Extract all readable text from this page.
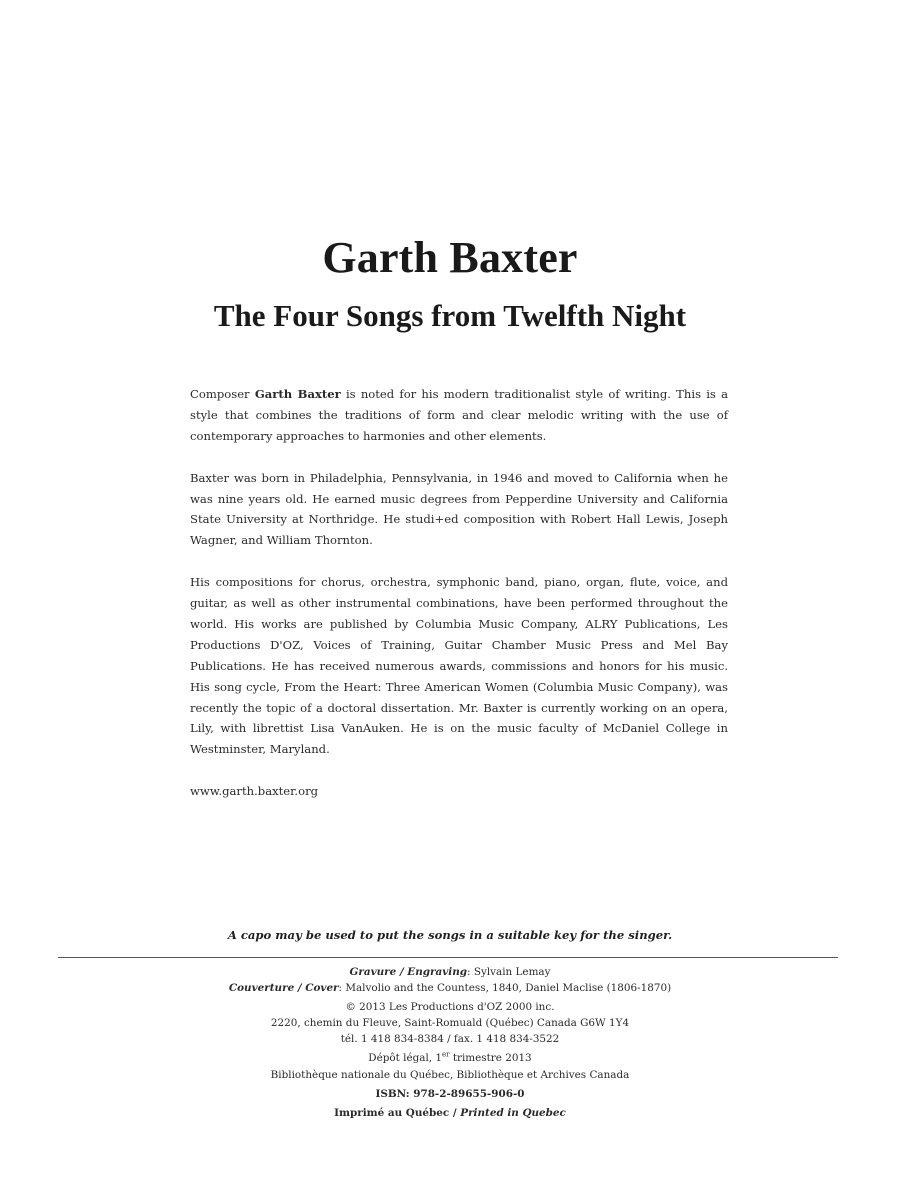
Garth Baxter
The Four Songs from Twelfth Night

Composer Garth Baxter is noted for his modern traditionalist style of writing. This is a style that combines the traditions of form and clear melodic writing with the use of contemporary approaches to harmonies and other elements.

Baxter was born in Philadelphia, Pennsylvania, in 1946 and moved to California when he was nine years old. He earned music degrees from Pepperdine University and California State University at Northridge. He studi+ed composition with Robert Hall Lewis, Joseph Wagner, and William Thornton.

His compositions for chorus, orchestra, symphonic band, piano, organ, flute, voice, and guitar, as well as other instrumental combinations, have been performed throughout the world. His works are published by Columbia Music Company, ALRY Publications, Les Productions D'OZ, Voices of Training, Guitar Chamber Music Press and Mel Bay Publications. He has received numerous awards, commissions and honors for his music. His song cycle, From the Heart: Three American Women (Columbia Music Company), was recently the topic of a doctoral dissertation. Mr. Baxter is currently working on an opera, Lily, with librettist Lisa VanAuken. He is on the music faculty of McDaniel College in Westminster, Maryland.

www.garth.baxter.org

A capo may be used to put the songs in a suitable key for the singer.
Gravure / Engraving: Sylvain Lemay
Couverture / Cover: Malvolio and the Countess, 1840, Daniel Maclise (1806-1870)
© 2013 Les Productions d'OZ 2000 inc.
2220, chemin du Fleuve, Saint-Romuald (Québec) Canada G6W 1Y4
tél. 1 418 834-8384 / fax. 1 418 834-3522
Dépôt légal, 1er trimestre 2013
Bibliothèque nationale du Québec, Bibliothèque et Archives Canada
ISBN: 978-2-89655-906-0
Imprimé au Québec / Printed in Quebec
